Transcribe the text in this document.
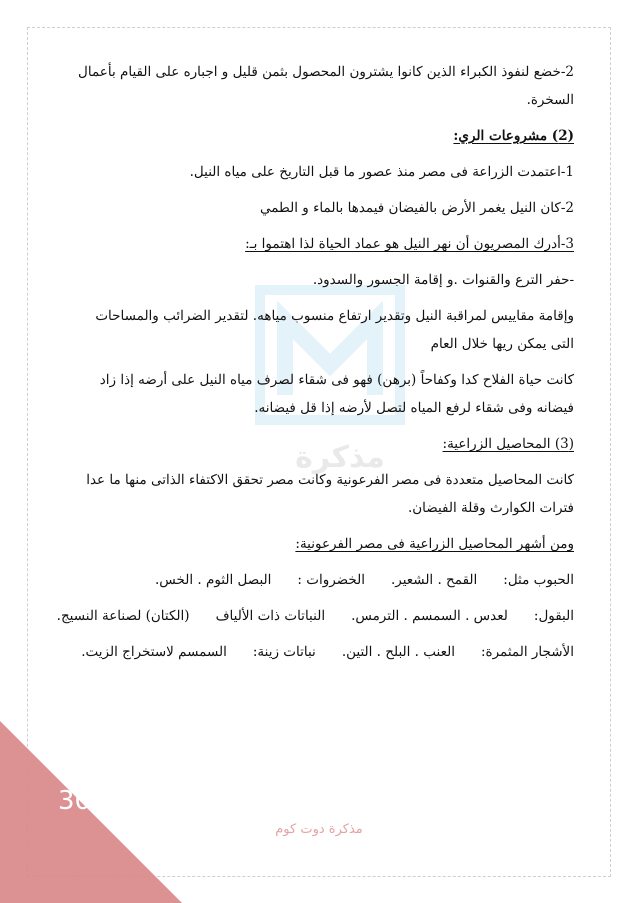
مذكرة

2-خضع لنفوذ الكبراء الذين كانوا يشترون المحصول بثمن قليل و اجباره على القيام بأعمال السخرة.

(2) مشروعات الري:

1-اعتمدت الزراعة فى مصر منذ عصور ما قبل التاريخ على مياه النيل.

2-كان النيل يغمر الأرض بالفيضان فيمدها بالماء و الطمي

3-أدرك المصريون أن نهر النيل هو عماد الحياة لذا اهتموا بـ:

-حفر الترع والقنوات .و إقامة الجسور والسدود.

وإقامة مقاييس لمراقبة النيل وتقدير ارتفاع منسوب مياهه. لتقدير الضرائب والمساحات التى يمكن ريها خلال العام

كانت حياة الفلاح كدا وكفاحاً (برهن) فهو فى شقاء لصرف مياه النيل على أرضه إذا زاد فيضانه وفى شقاء لرفع المياه لتصل لأرضه إذا قل فيضانه.

(3) المحاصيل الزراعية:

كانت المحاصيل متعددة فى مصر الفرعونية وكانت مصر تحقق الاكتفاء الذاتى منها ما عدا فترات الكوارث وقلة الفيضان.

ومن أشهر المحاصيل الزراعية فى مصر الفرعونية:

الحبوب مثل:
القمح . الشعير.
الخضروات :
البصل الثوم . الخس.
البقول:
لعدس . السمسم . الترمس.
النباتات ذات الألياف
(الكتان) لصناعة النسيج.
الأشجار المثمرة:
العنب . البلح . التين.
نباتات زينة:
السمسم لاستخراج الزيت.
30
مذكرة دوت كوم
